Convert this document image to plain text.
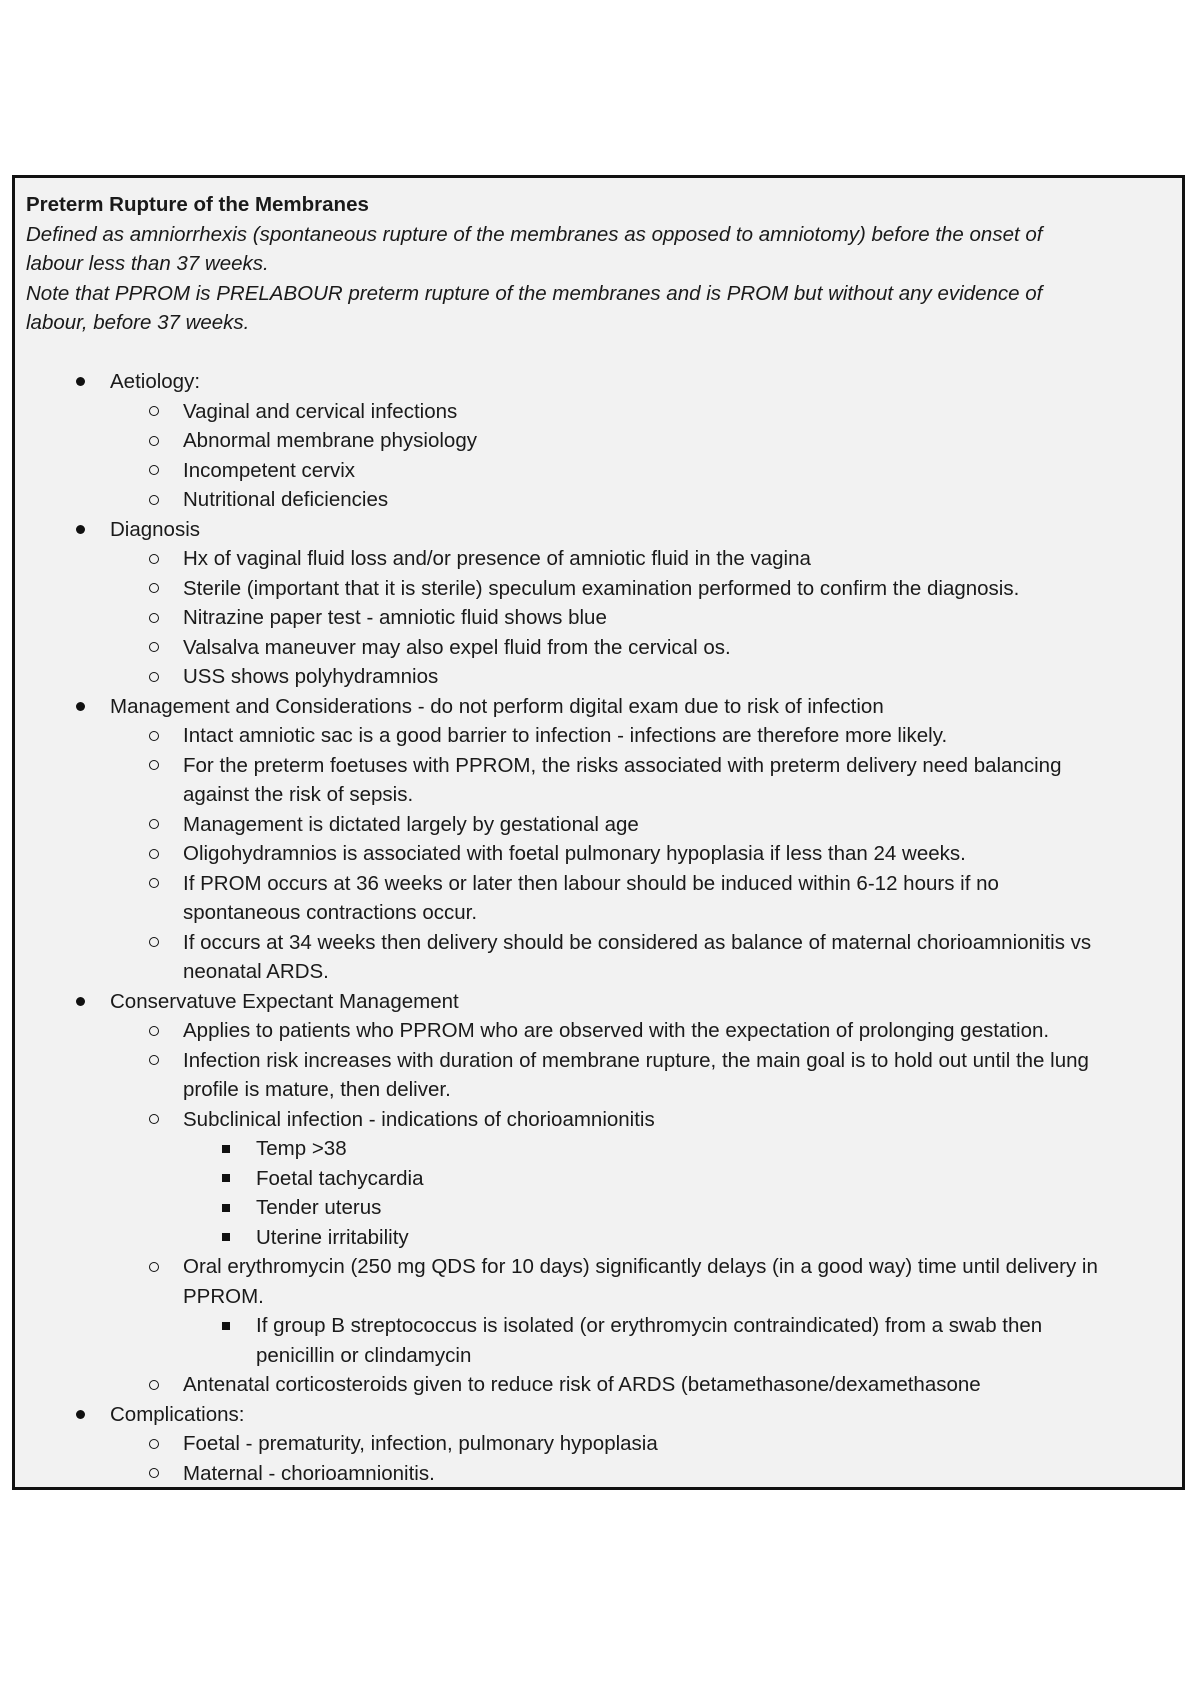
Preterm Rupture of the Membranes
Defined as amniorrhexis (spontaneous rupture of the membranes as opposed to amniotomy) before the onset of
labour less than 37 weeks.
Note that PPROM is PRELABOUR preterm rupture of the membranes and is PROM but without any evidence of
labour, before 37 weeks.
Aetiology:
Vaginal and cervical infections
Abnormal membrane physiology
Incompetent cervix
Nutritional deficiencies
Diagnosis
Hx of vaginal fluid loss and/or presence of amniotic fluid in the vagina
Sterile (important that it is sterile) speculum examination performed to confirm the diagnosis.
Nitrazine paper test - amniotic fluid shows blue
Valsalva maneuver may also expel fluid from the cervical os.
USS shows polyhydramnios
Management and Considerations - do not perform digital exam due to risk of infection
Intact amniotic sac is a good barrier to infection - infections are therefore more likely.
For the preterm foetuses with PPROM, the risks associated with preterm delivery need balancing
against the risk of sepsis.
Management is dictated largely by gestational age
Oligohydramnios is associated with foetal pulmonary hypoplasia if less than 24 weeks.
If PROM occurs at 36 weeks or later then labour should be induced within 6-12 hours if no
spontaneous contractions occur.
If occurs at 34 weeks then delivery should be considered as balance of maternal chorioamnionitis vs
neonatal ARDS.
Conservatuve Expectant Management
Applies to patients who PPROM who are observed with the expectation of prolonging gestation.
Infection risk increases with duration of membrane rupture, the main goal is to hold out until the lung
profile is mature, then deliver.
Subclinical infection - indications of chorioamnionitis
Temp >38
Foetal tachycardia
Tender uterus
Uterine irritability
Oral erythromycin (250 mg QDS for 10 days) significantly delays (in a good way) time until delivery in
PPROM.
If group B streptococcus is isolated (or erythromycin contraindicated) from a swab then
penicillin or clindamycin
Antenatal corticosteroids given to reduce risk of ARDS (betamethasone/dexamethasone
Complications:
Foetal - prematurity, infection, pulmonary hypoplasia
Maternal - chorioamnionitis.
